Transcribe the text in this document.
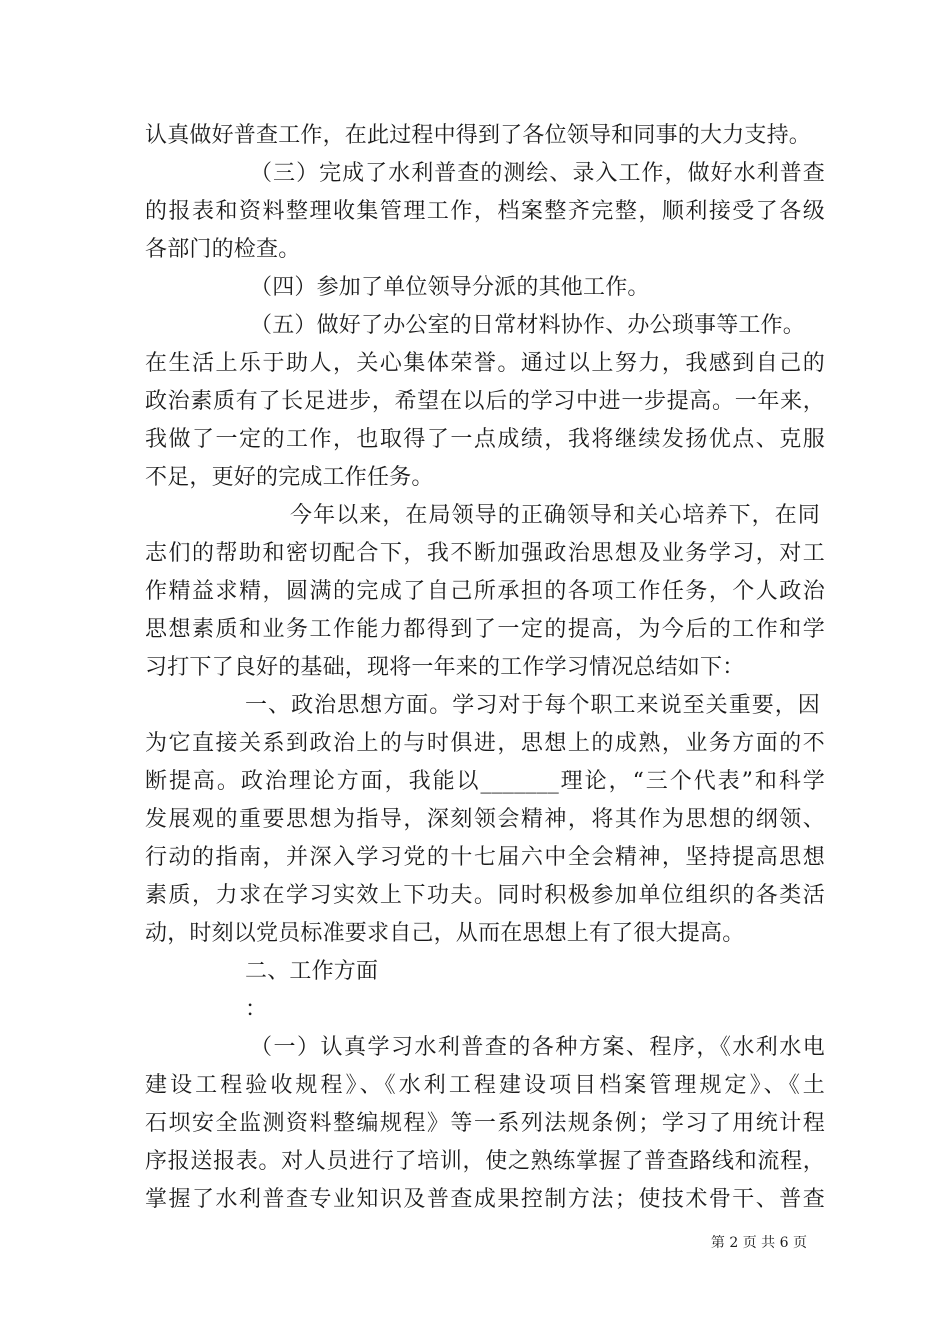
认真做好普查工作，在此过程中得到了各位领导和同事的大力支持。
（三）完成了水利普查的测绘、录入工作，做好水利普查
的报表和资料整理收集管理工作，档案整齐完整，顺利接受了各级
各部门的检查。
（四）参加了单位领导分派的其他工作。
（五）做好了办公室的日常材料协作、办公琐事等工作。
在生活上乐于助人，关心集体荣誉。通过以上努力，我感到自己的
政治素质有了长足进步，希望在以后的学习中进一步提高。一年来，
我做了一定的工作，也取得了一点成绩，我将继续发扬优点、克服
不足，更好的完成工作任务。
今年以来，在局领导的正确领导和关心培养下，在同
志们的帮助和密切配合下，我不断加强政治思想及业务学习，对工
作精益求精，圆满的完成了自己所承担的各项工作任务，个人政治
思想素质和业务工作能力都得到了一定的提高，为今后的工作和学
习打下了良好的基础，现将一年来的工作学习情况总结如下：
一、政治思想方面。学习对于每个职工来说至关重要，因
为它直接关系到政治上的与时俱进，思想上的成熟，业务方面的不
断提高。政治理论方面，我能以_______理论，“三个代表”和科学
发展观的重要思想为指导，深刻领会精神，将其作为思想的纲领、
行动的指南，并深入学习党的十七届六中全会精神，坚持提高思想
素质，力求在学习实效上下功夫。同时积极参加单位组织的各类活
动，时刻以党员标准要求自己，从而在思想上有了很大提高。
二、工作方面
：
（一）认真学习水利普查的各种方案、程序，《水利水电
建设工程验收规程》、《水利工程建设项目档案管理规定》、《土
石坝安全监测资料整编规程》等一系列法规条例；学习了用统计程
序报送报表。对人员进行了培训，使之熟练掌握了普查路线和流程，
掌握了水利普查专业知识及普查成果控制方法；使技术骨干、普查
第 2 页 共 6 页
